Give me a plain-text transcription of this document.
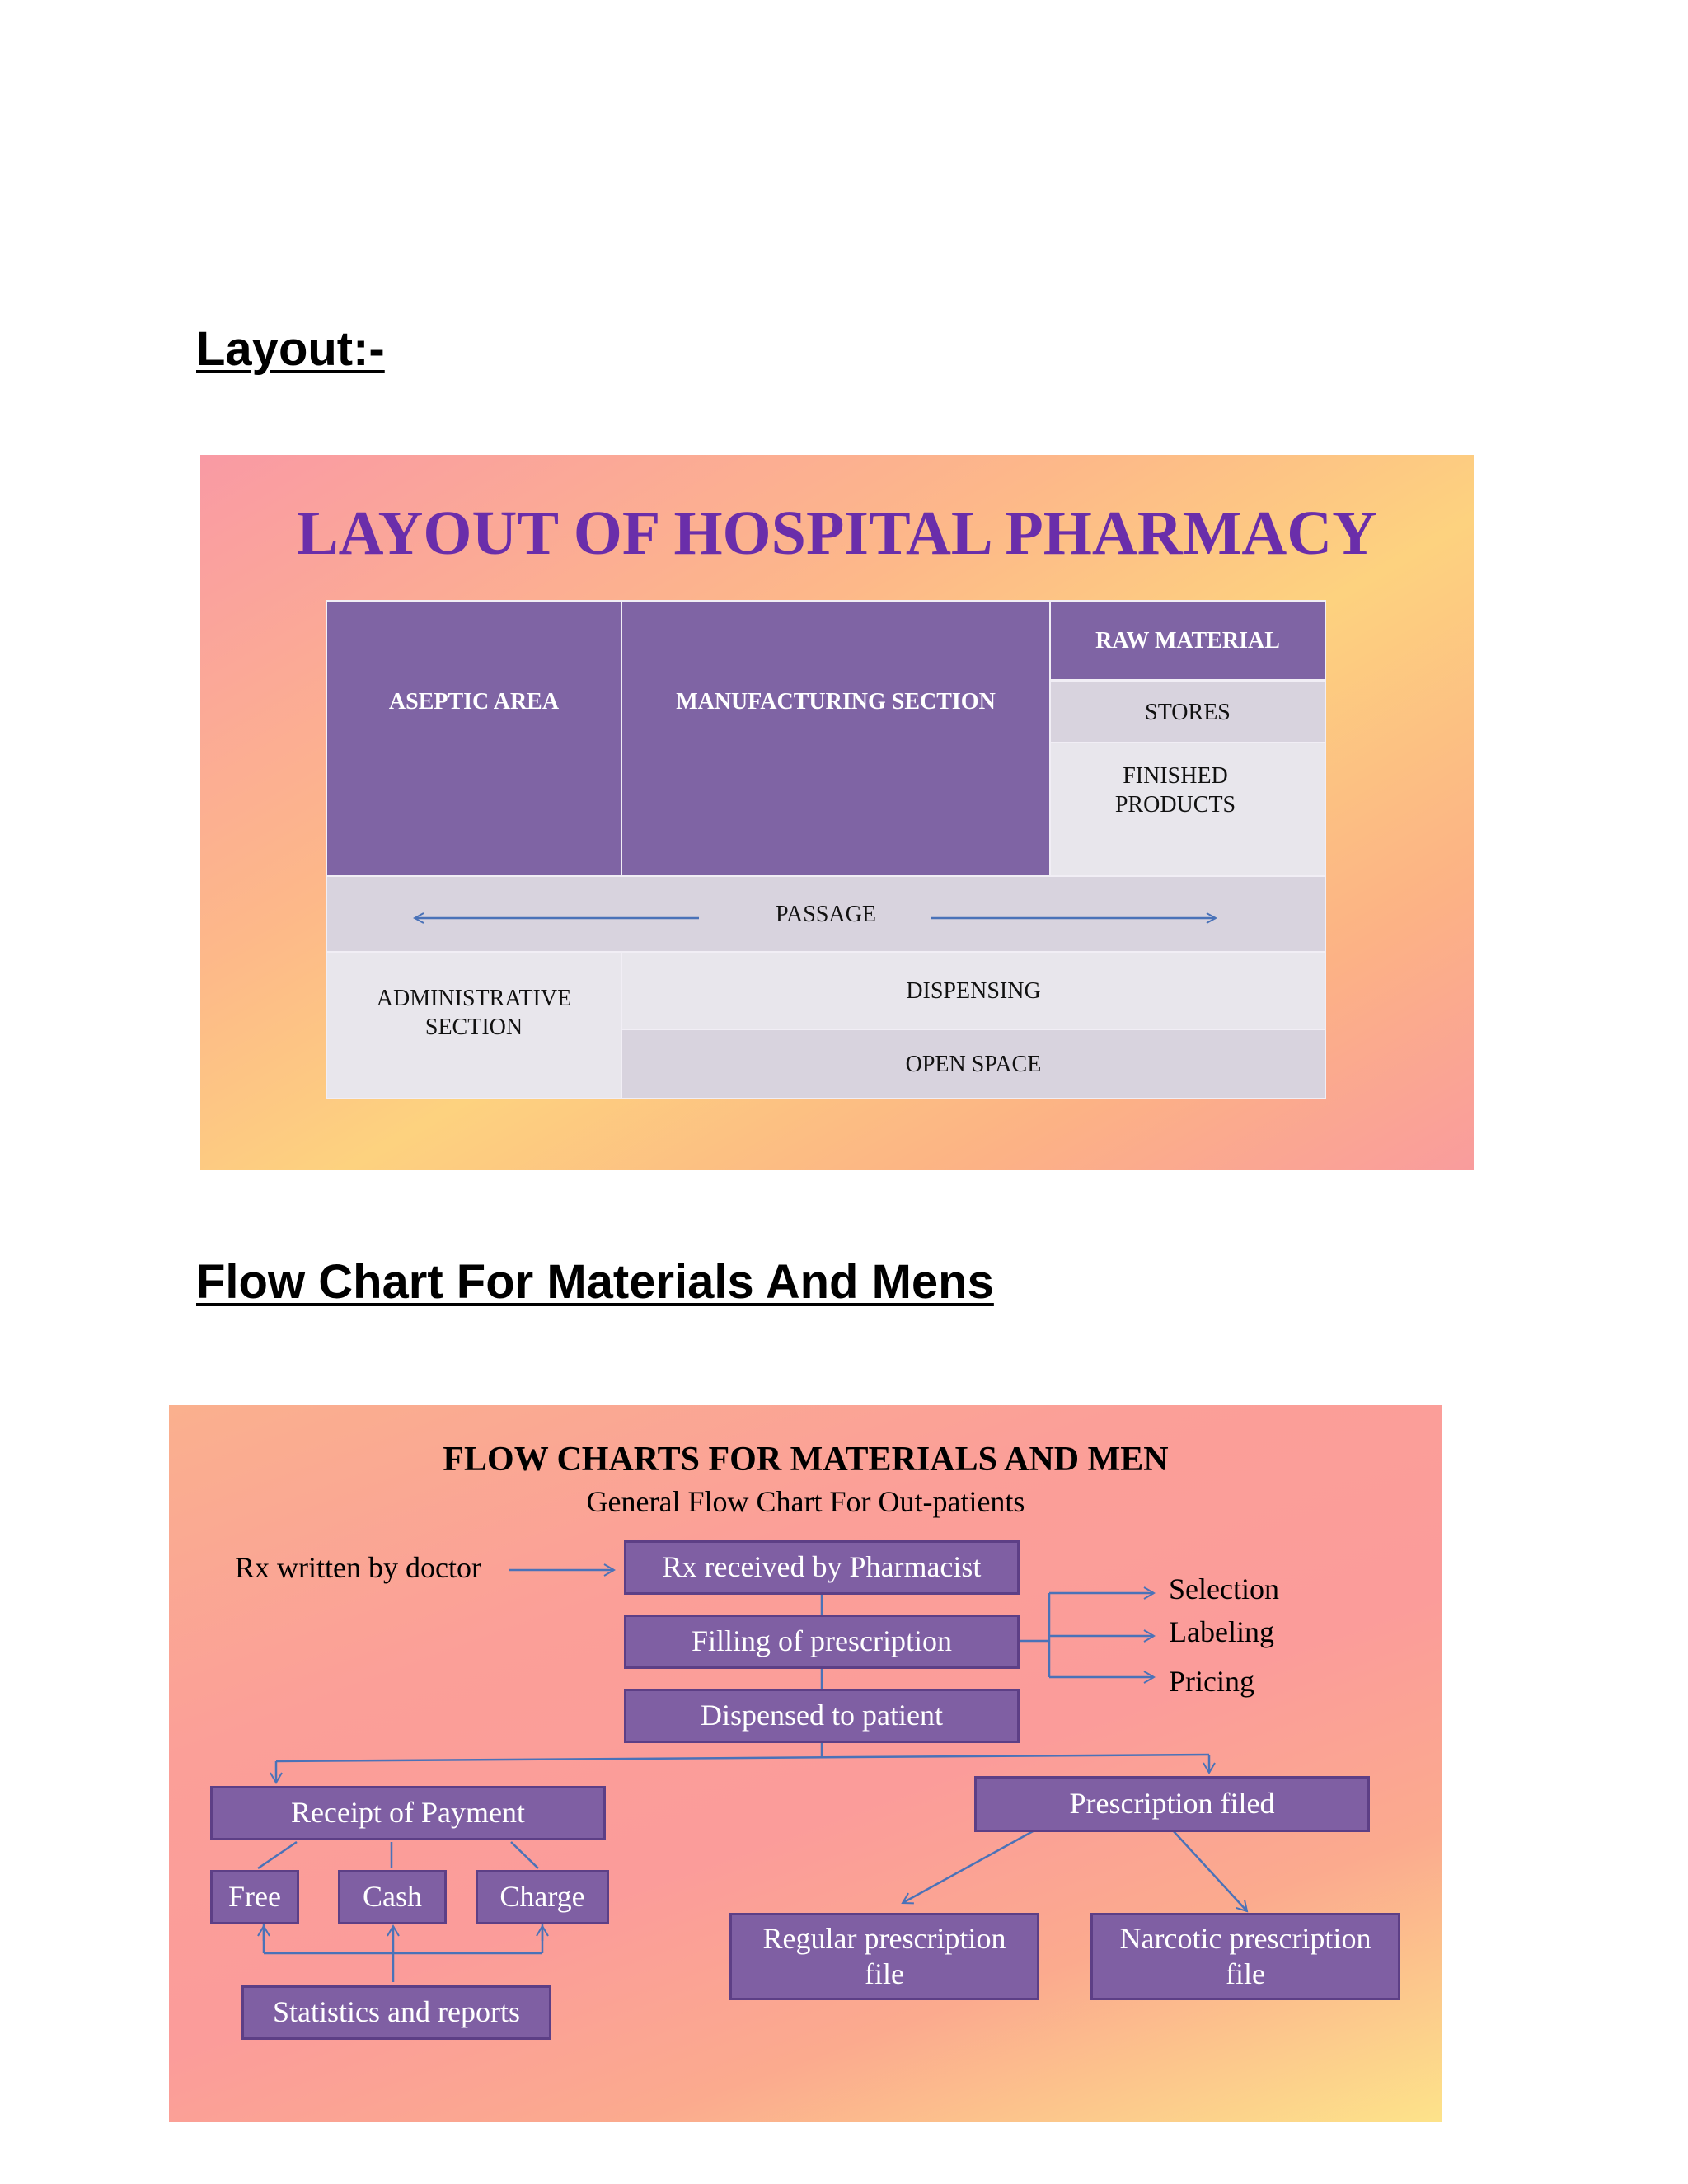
Layout:-
LAYOUT OF HOSPITAL PHARMACY
ASEPTIC AREA	MANUFACTURING SECTION
RAW MATERIAL
STORES
FINISHED PRODUCTS
PASSAGE
ADMINISTRATIVE SECTION
DISPENSING
OPEN SPACE
Flow Chart For Materials And Mens
FLOW CHARTS FOR MATERIALS AND MEN
General Flow Chart For Out-patients
Rx written by doctor	Rx received by Pharmacist
Filling of prescription
Dispensed to patient
Selection
Labeling
Pricing
Receipt of Payment
Free	Cash	Charge
Statistics and reports
Prescription filed
Regular prescription file
Narcotic prescription file
